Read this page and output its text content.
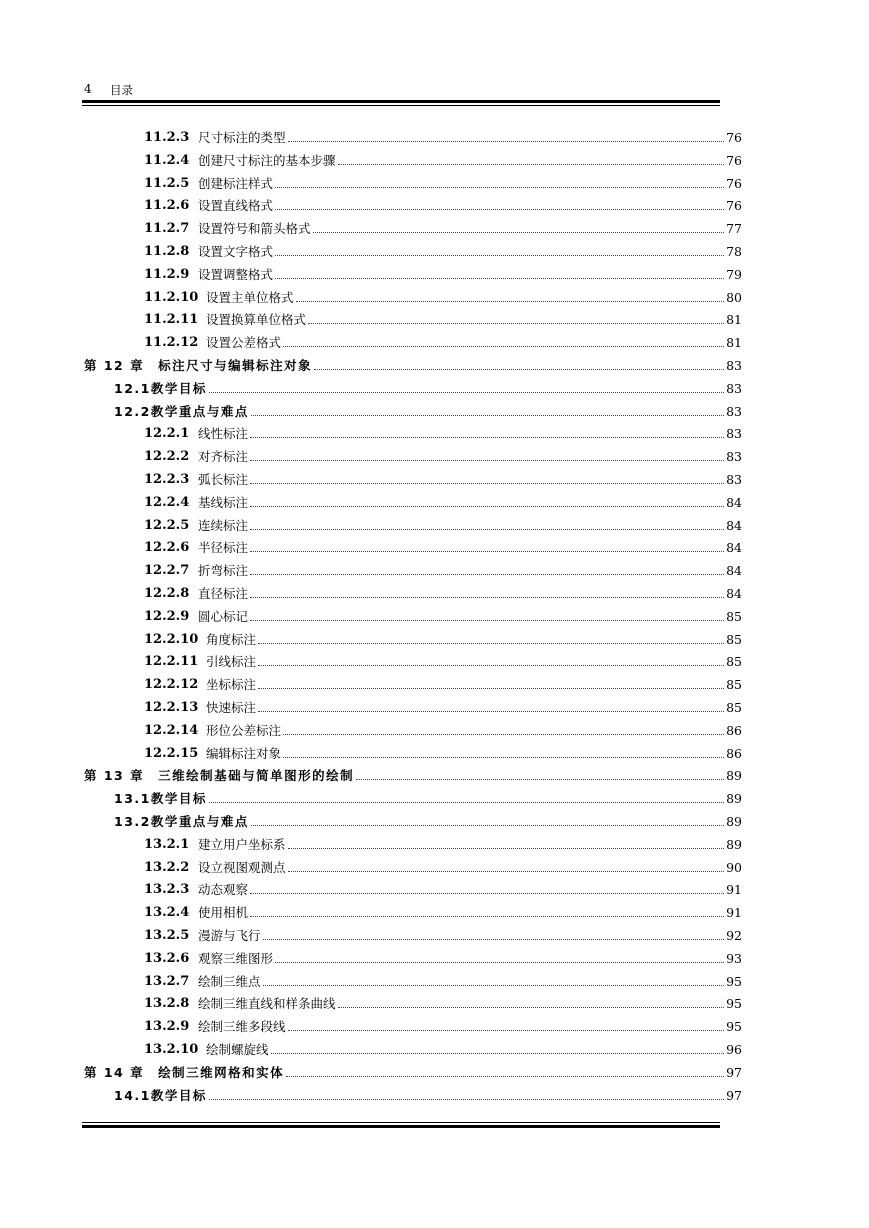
4 目录
11.2.3 尺寸标注的类型	76
11.2.4 创建尺寸标注的基本步骤	76
11.2.5 创建标注样式	76
11.2.6 设置直线格式	76
11.2.7 设置符号和箭头格式	77
11.2.8 设置文字格式	78
11.2.9 设置调整格式	79
11.2.10 设置主单位格式	80
11.2.11 设置换算单位格式	81
11.2.12 设置公差格式	81
第 12 章 标注尺寸与编辑标注对象	83
12.1 教学目标	83
12.2 教学重点与难点	83
12.2.1 线性标注	83
12.2.2 对齐标注	83
12.2.3 弧长标注	83
12.2.4 基线标注	84
12.2.5 连续标注	84
12.2.6 半径标注	84
12.2.7 折弯标注	84
12.2.8 直径标注	84
12.2.9 圆心标记	85
12.2.10 角度标注	85
12.2.11 引线标注	85
12.2.12 坐标标注	85
12.2.13 快速标注	85
12.2.14 形位公差标注	86
12.2.15 编辑标注对象	86
第 13 章 三维绘制基础与简单图形的绘制	89
13.1 教学目标	89
13.2 教学重点与难点	89
13.2.1 建立用户坐标系	89
13.2.2 设立视图观测点	90
13.2.3 动态观察	91
13.2.4 使用相机	91
13.2.5 漫游与飞行	92
13.2.6 观察三维图形	93
13.2.7 绘制三维点	95
13.2.8 绘制三维直线和样条曲线	95
13.2.9 绘制三维多段线	95
13.2.10 绘制螺旋线	96
第 14 章 绘制三维网格和实体	97
14.1 教学目标	97
